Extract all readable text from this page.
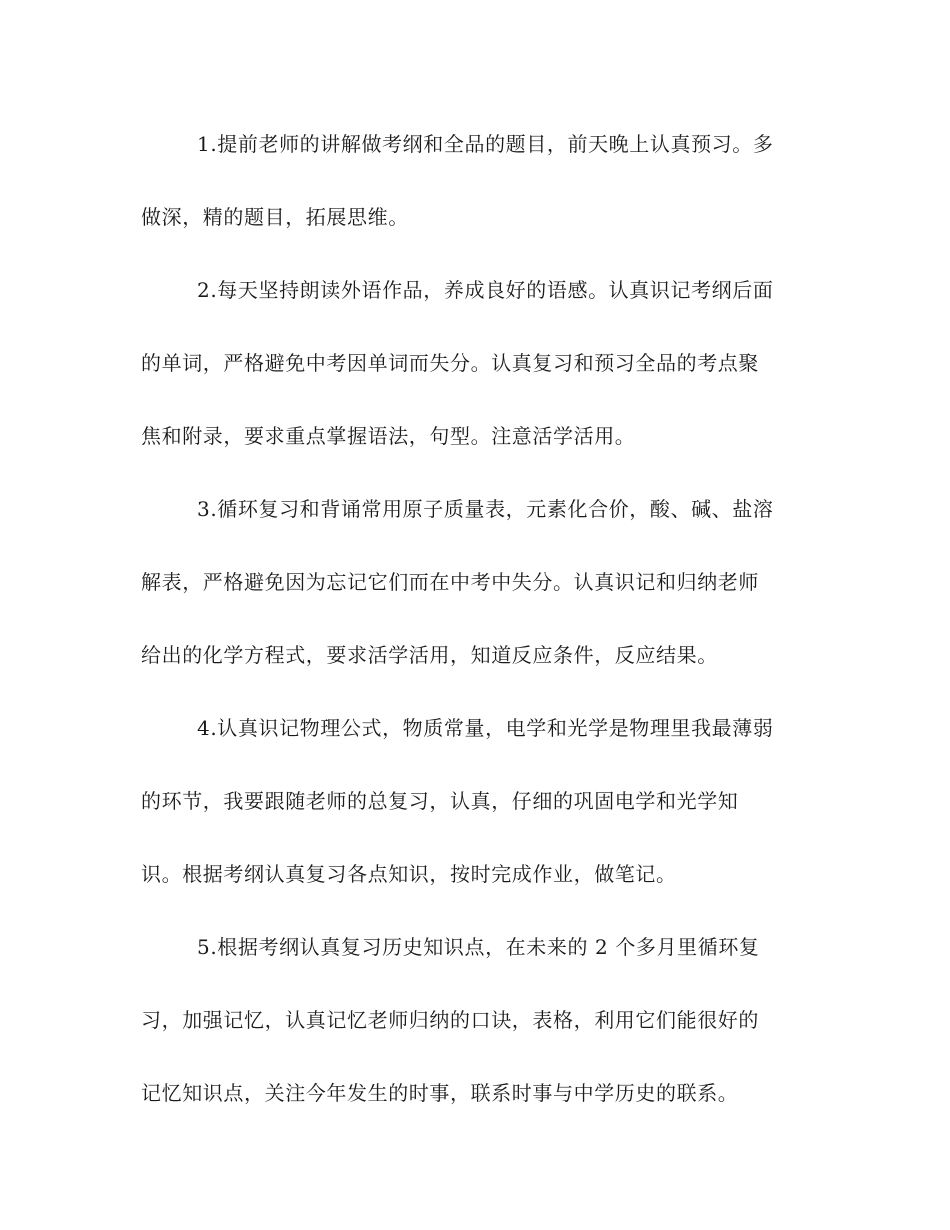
1.提前老师的讲解做考纲和全品的题目，前天晚上认真预习。多
做深，精的题目，拓展思维。
2.每天坚持朗读外语作品，养成良好的语感。认真识记考纲后面
的单词，严格避免中考因单词而失分。认真复习和预习全品的考点聚
焦和附录，要求重点掌握语法，句型。注意活学活用。
3.循环复习和背诵常用原子质量表，元素化合价，酸、碱、盐溶
解表，严格避免因为忘记它们而在中考中失分。认真识记和归纳老师
给出的化学方程式，要求活学活用，知道反应条件，反应结果。
4.认真识记物理公式，物质常量，电学和光学是物理里我最薄弱
的环节，我要跟随老师的总复习，认真，仔细的巩固电学和光学知
识。根据考纲认真复习各点知识，按时完成作业，做笔记。
5.根据考纲认真复习历史知识点，在未来的 2 个多月里循环复
习，加强记忆，认真记忆老师归纳的口诀，表格，利用它们能很好的
记忆知识点，关注今年发生的时事，联系时事与中学历史的联系。
